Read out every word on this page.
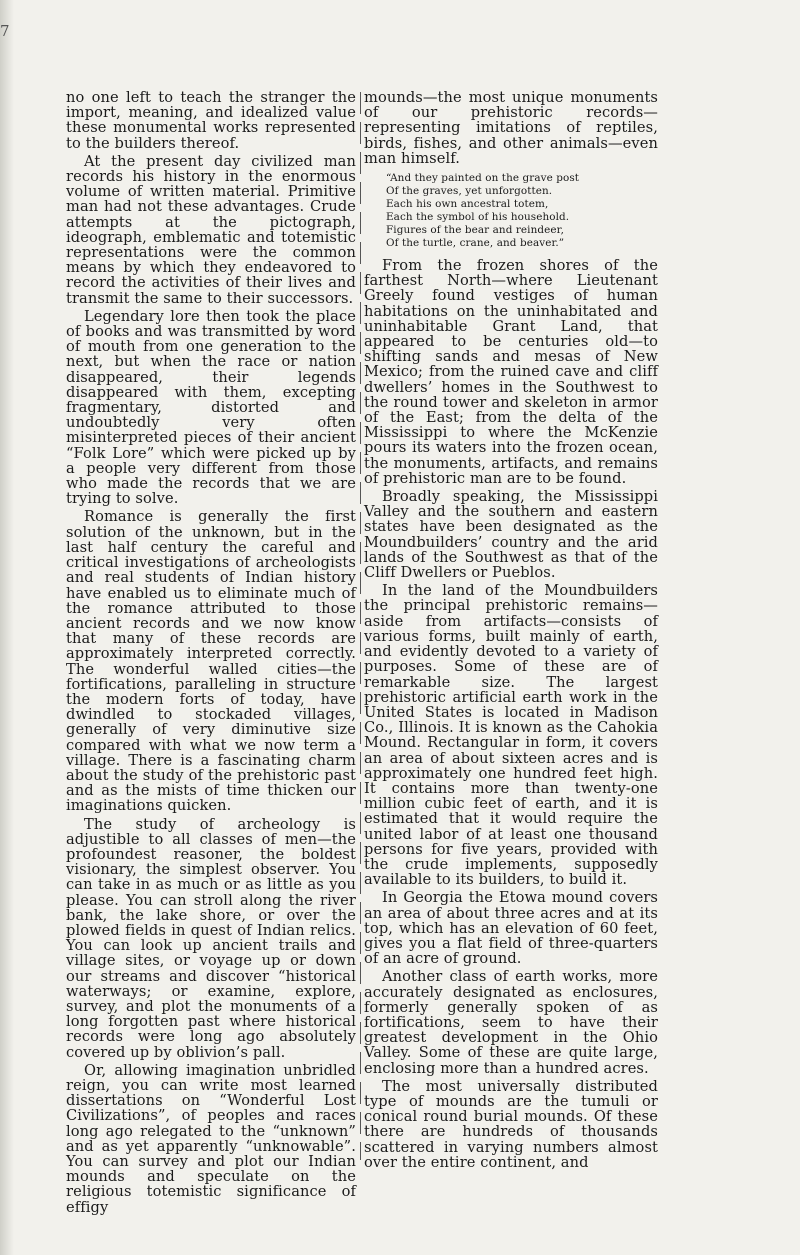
7

no one left to teach the stranger the import, meaning, and idealized value these monumental works represented to the builders thereof.

At the present day civilized man records his history in the enormous volume of written material. Primitive man had not these advantages. Crude attempts at the pictograph, ideograph, emblematic and totemistic representations were the common means by which they endeavored to record the activities of their lives and transmit the same to their successors.

Legendary lore then took the place of books and was transmitted by word of mouth from one generation to the next, but when the race or nation disappeared, their legends disappeared with them, excepting fragmentary, distorted and undoubtedly very often misinterpreted pieces of their ancient “Folk Lore” which were picked up by a people very different from those who made the records that we are trying to solve.

Romance is generally the first solution of the unknown, but in the last half century the careful and critical investigations of archeologists and real students of Indian history have enabled us to eliminate much of the romance attributed to those ancient records and we now know that many of these records are approximately interpreted correctly. The wonderful walled cities—the fortifications, paralleling in structure the modern forts of today, have dwindled to stockaded villages, generally of very diminutive size compared with what we now term a village. There is a fascinating charm about the study of the prehistoric past and as the mists of time thicken our imaginations quicken.

The study of archeology is adjustible to all classes of men—the profoundest reasoner, the boldest visionary, the simplest observer. You can take in as much or as little as you please. You can stroll along the river bank, the lake shore, or over the plowed fields in quest of Indian relics. You can look up ancient trails and village sites, or voyage up or down our streams and discover “historical waterways; or examine, explore, survey, and plot the monuments of a long forgotten past where historical records were long ago absolutely covered up by oblivion’s pall.

Or, allowing imagination unbridled reign, you can write most learned dissertations on “Wonderful Lost Civilizations”, of peoples and races long ago relegated to the “unknown” and as yet apparently “unknowable”. You can survey and plot our Indian mounds and speculate on the religious totemistic significance of effigy

mounds—the most unique monuments of our prehistoric records—representing imitations of reptiles, birds, fishes, and other animals—even man himself.

“And they painted on the grave post
Of the graves, yet unforgotten.
Each his own ancestral totem,
Each the symbol of his household.
Figures of the bear and reindeer,
Of the turtle, crane, and beaver.”

From the frozen shores of the farthest North—where Lieutenant Greely found vestiges of human habitations on the uninhabitated and uninhabitable Grant Land, that appeared to be centuries old—to shifting sands and mesas of New Mexico; from the ruined cave and cliff dwellers’ homes in the Southwest to the round tower and skeleton in armor of the East; from the delta of the Mississippi to where the McKenzie pours its waters into the frozen ocean, the monuments, artifacts, and remains of prehistoric man are to be found.

Broadly speaking, the Mississippi Valley and the southern and eastern states have been designated as the Moundbuilders’ country and the arid lands of the Southwest as that of the Cliff Dwellers or Pueblos.

In the land of the Moundbuilders the principal prehistoric remains—aside from artifacts—consists of various forms, built mainly of earth, and evidently devoted to a variety of purposes. Some of these are of remarkable size. The largest prehistoric artificial earth work in the United States is located in Madison Co., Illinois. It is known as the Cahokia Mound. Rectangular in form, it covers an area of about sixteen acres and is approximately one hundred feet high. It contains more than twenty-one million cubic feet of earth, and it is estimated that it would require the united labor of at least one thousand persons for five years, provided with the crude implements, supposedly available to its builders, to build it.

In Georgia the Etowa mound covers an area of about three acres and at its top, which has an elevation of 60 feet, gives you a flat field of three-quarters of an acre of ground.

Another class of earth works, more accurately designated as enclosures, formerly generally spoken of as fortifications, seem to have their greatest development in the Ohio Valley. Some of these are quite large, enclosing more than a hundred acres.

The most universally distributed type of mounds are the tumuli or conical round burial mounds. Of these there are hundreds of thousands scattered in varying numbers almost over the entire continent, and
